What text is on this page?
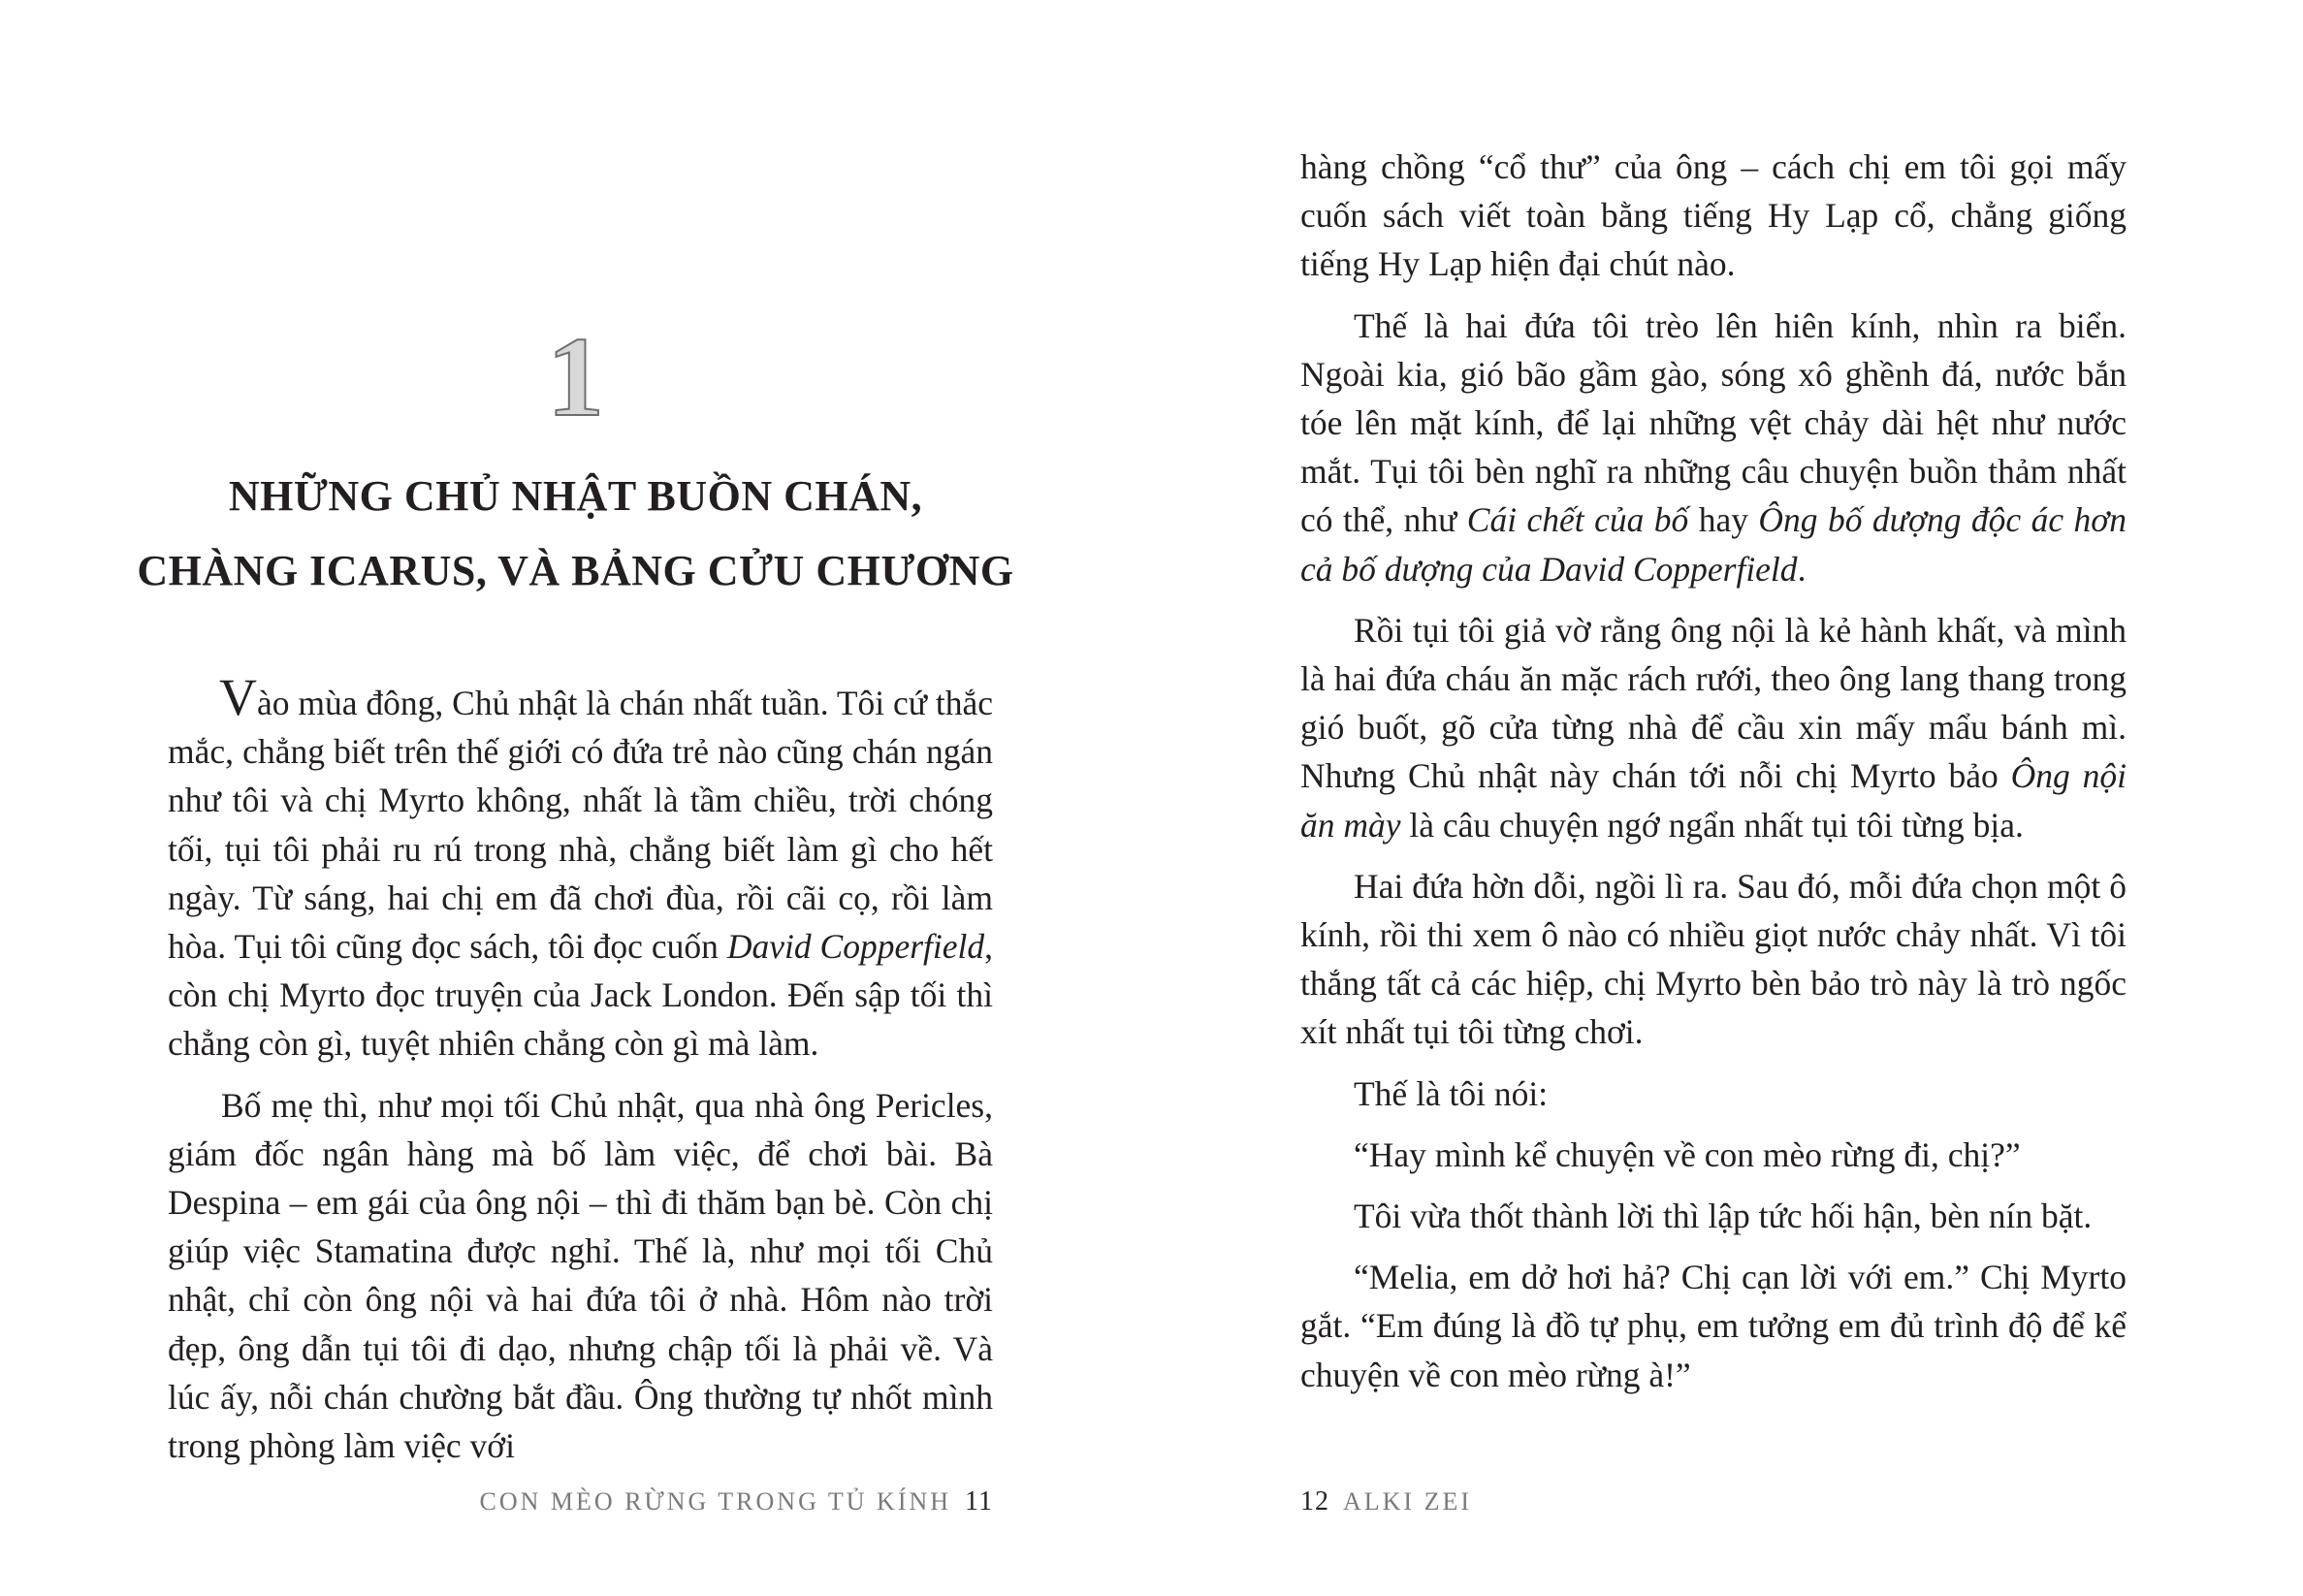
1
NHỮNG CHỦ NHẬT BUỒN CHÁN,
CHÀNG ICARUS, VÀ BẢNG CỬU CHƯƠNG

Vào mùa đông, Chủ nhật là chán nhất tuần. Tôi cứ thắc mắc, chẳng biết trên thế giới có đứa trẻ nào cũng chán ngán như tôi và chị Myrto không, nhất là tầm chiều, trời chóng tối, tụi tôi phải ru rú trong nhà, chẳng biết làm gì cho hết ngày. Từ sáng, hai chị em đã chơi đùa, rồi cãi cọ, rồi làm hòa. Tụi tôi cũng đọc sách, tôi đọc cuốn David Copperfield, còn chị Myrto đọc truyện của Jack London. Đến sập tối thì chẳng còn gì, tuyệt nhiên chẳng còn gì mà làm.

Bố mẹ thì, như mọi tối Chủ nhật, qua nhà ông Pericles, giám đốc ngân hàng mà bố làm việc, để chơi bài. Bà Despina – em gái của ông nội – thì đi thăm bạn bè. Còn chị giúp việc Stamatina được nghỉ. Thế là, như mọi tối Chủ nhật, chỉ còn ông nội và hai đứa tôi ở nhà. Hôm nào trời đẹp, ông dẫn tụi tôi đi dạo, nhưng chập tối là phải về. Và lúc ấy, nỗi chán chường bắt đầu. Ông thường tự nhốt mình trong phòng làm việc với

CON MÈO RỪNG TRONG TỦ KÍNH 11

hàng chồng “cổ thư” của ông – cách chị em tôi gọi mấy cuốn sách viết toàn bằng tiếng Hy Lạp cổ, chẳng giống tiếng Hy Lạp hiện đại chút nào.

Thế là hai đứa tôi trèo lên hiên kính, nhìn ra biển. Ngoài kia, gió bão gầm gào, sóng xô ghềnh đá, nước bắn tóe lên mặt kính, để lại những vệt chảy dài hệt như nước mắt. Tụi tôi bèn nghĩ ra những câu chuyện buồn thảm nhất có thể, như Cái chết của bố hay Ông bố dượng độc ác hơn cả bố dượng của David Copperfield.

Rồi tụi tôi giả vờ rằng ông nội là kẻ hành khất, và mình là hai đứa cháu ăn mặc rách rưới, theo ông lang thang trong gió buốt, gõ cửa từng nhà để cầu xin mấy mẩu bánh mì. Nhưng Chủ nhật này chán tới nỗi chị Myrto bảo Ông nội ăn mày là câu chuyện ngớ ngẩn nhất tụi tôi từng bịa.

Hai đứa hờn dỗi, ngồi lì ra. Sau đó, mỗi đứa chọn một ô kính, rồi thi xem ô nào có nhiều giọt nước chảy nhất. Vì tôi thắng tất cả các hiệp, chị Myrto bèn bảo trò này là trò ngốc xít nhất tụi tôi từng chơi.

Thế là tôi nói:

“Hay mình kể chuyện về con mèo rừng đi, chị?”

Tôi vừa thốt thành lời thì lập tức hối hận, bèn nín bặt.

“Melia, em dở hơi hả? Chị cạn lời với em.” Chị Myrto gắt. “Em đúng là đồ tự phụ, em tưởng em đủ trình độ để kể chuyện về con mèo rừng à!”

12 ALKI ZEI
